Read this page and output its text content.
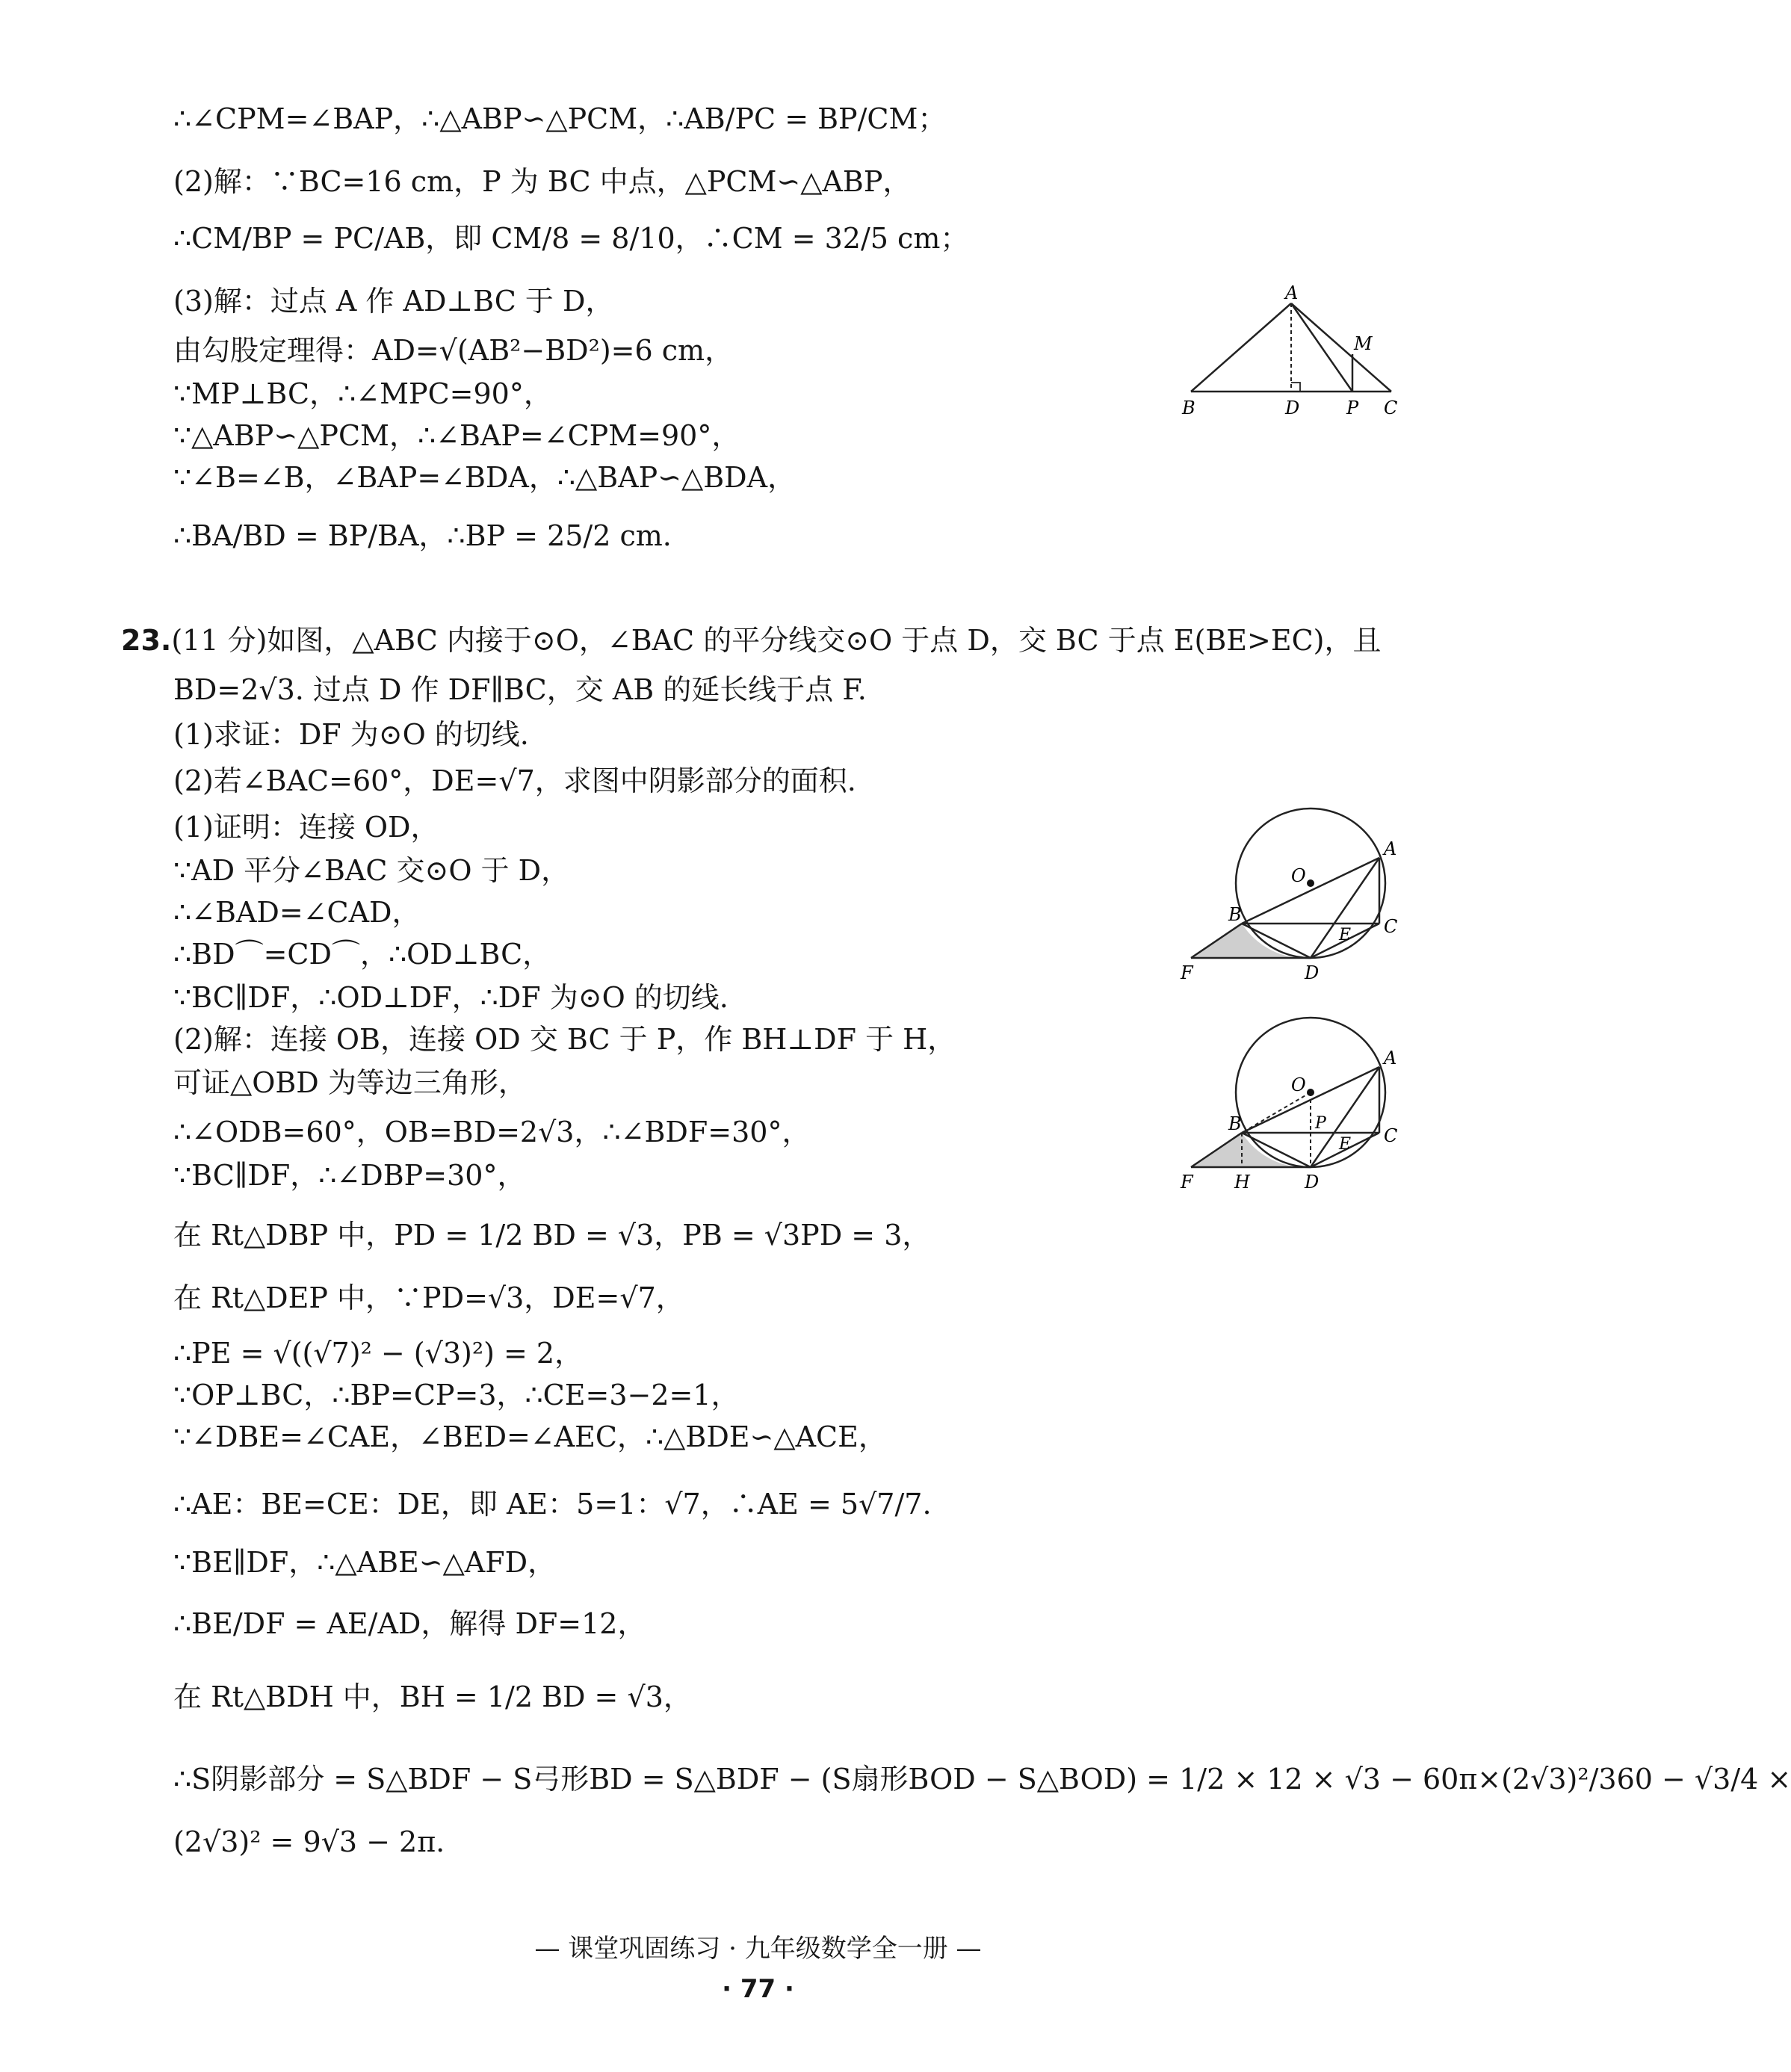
∴∠CPM=∠BAP，∴△ABP∽△PCM，∴AB/PC = BP/CM；
(2)解：∵BC=16 cm，P 为 BC 中点，△PCM∽△ABP，
∴CM/BP = PC/AB，即 CM/8 = 8/10，∴CM = 32/5 cm；
(3)解：过点 A 作 AD⊥BC 于 D，
由勾股定理得：AD=√(AB²−BD²)=6 cm，
∵MP⊥BC，∴∠MPC=90°，
∵△ABP∽△PCM，∴∠BAP=∠CPM=90°，
∵∠B=∠B，∠BAP=∠BDA，∴△BAP∽△BDA，
∴BA/BD = BP/BA，∴BP = 25/2 cm.
A
M
B	D	P C
23.(11 分)如图，△ABC 内接于⊙O，∠BAC 的平分线交⊙O 于点 D，交 BC 于点 E(BE>EC)，且
BD=2√3. 过点 D 作 DF∥BC，交 AB 的延长线于点 F.
(1)求证：DF 为⊙O 的切线.
(2)若∠BAC=60°，DE=√7，求图中阴影部分的面积.
(1)证明：连接 OD，
∵AD 平分∠BAC 交⊙O 于 D，
∴∠BAD=∠CAD，
∴BD⌒=CD⌒，∴OD⊥BC，
∵BC∥DF，∴OD⊥DF，∴DF 为⊙O 的切线.
(2)解：连接 OB，连接 OD 交 BC 于 P，作 BH⊥DF 于 H，
可证△OBD 为等边三角形，
∴∠ODB=60°，OB=BD=2√3，∴∠BDF=30°，
∵BC∥DF，∴∠DBP=30°，
在 Rt△DBP 中，PD = 1/2 BD = √3，PB = √3PD = 3，
在 Rt△DEP 中，∵PD=√3，DE=√7，
∴PE = √((√7)² − (√3)²) = 2，
∵OP⊥BC，∴BP=CP=3，∴CE=3−2=1，
∵∠DBE=∠CAE，∠BED=∠AEC，∴△BDE∽△ACE，
∴AE：BE=CE：DE，即 AE：5=1：√7，∴AE = 5√7/7.
∵BE∥DF，∴△ABE∽△AFD，
∴BE/DF = AE/AD，解得 DF=12，
在 Rt△BDH 中，BH = 1/2 BD = √3，
∴S阴影部分 = S△BDF − S弓形BD = S△BDF − (S扇形BOD − S△BOD) = 1/2 × 12 × √3 − 60π×(2√3)²/360 − √3/4 ×
(2√3)² = 9√3 − 2π.
O
A
B
C
E
F	D
O
A
B	P
C
E
F H	D
— 课堂巩固练习 · 九年级数学全一册 —
· 77 ·
